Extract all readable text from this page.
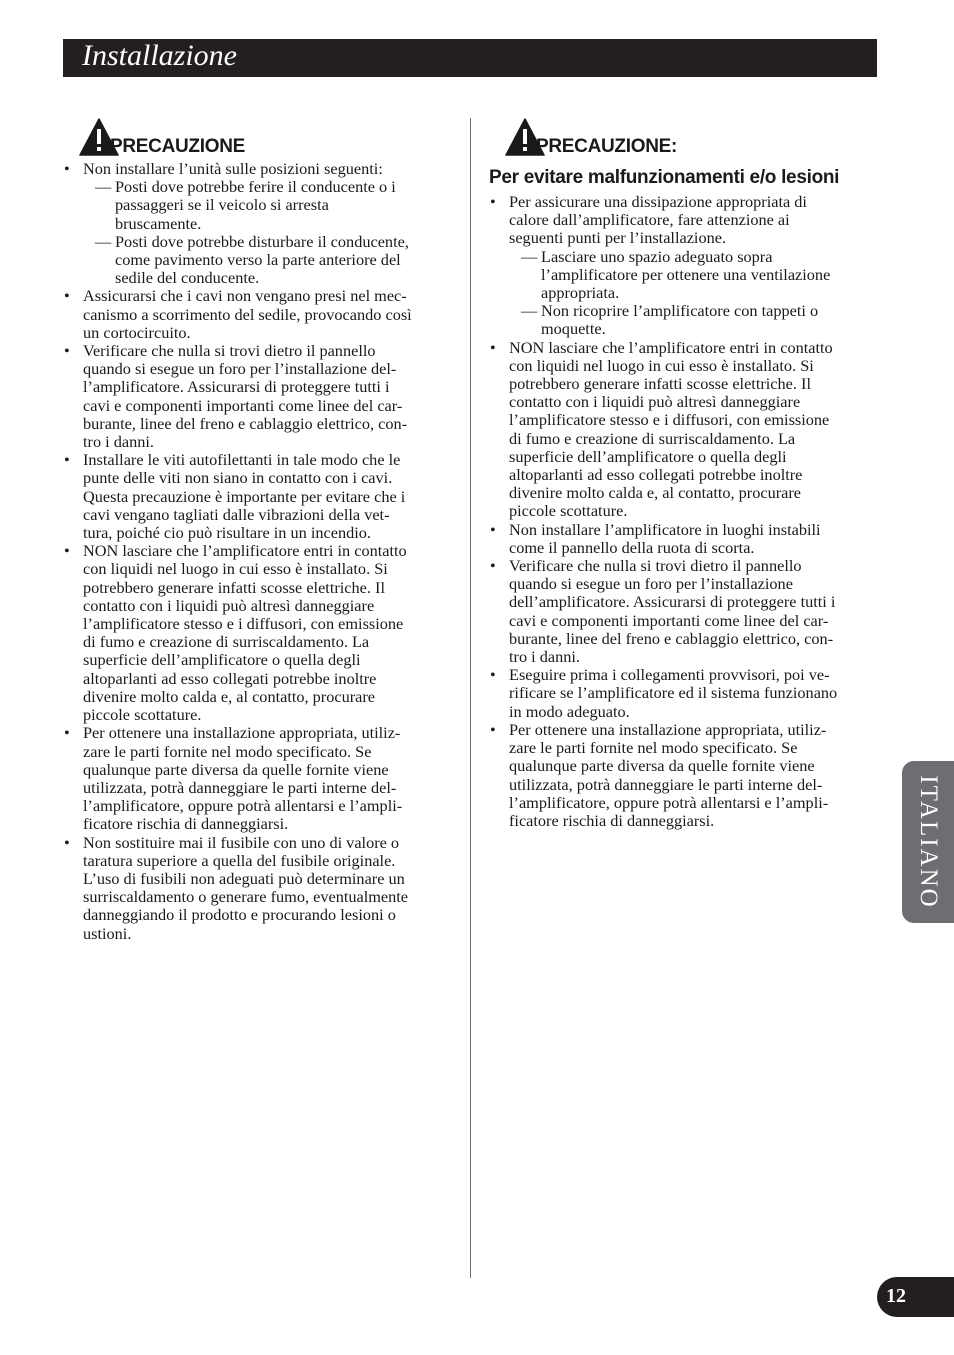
Installazione
PRECAUZIONE
• Non installare l’unità sulle posizioni seguenti:
— Posti dove potrebbe ferire il conducente o i
passaggeri se il veicolo si arresta
bruscamente.
— Posti dove potrebbe disturbare il conducente,
come pavimento verso la parte anteriore del
sedile del conducente.
• Assicurarsi che i cavi non vengano presi nel mec-
canismo a scorrimento del sedile, provocando così
un cortocircuito.
• Verificare che nulla si trovi dietro il pannello
quando si esegue un foro per l’installazione del-
l’amplificatore. Assicurarsi di proteggere tutti i
cavi e componenti importanti come linee del car-
burante, linee del freno e cablaggio elettrico, con-
tro i danni.
• Installare le viti autofilettanti in tale modo che le
punte delle viti non siano in contatto con i cavi.
Questa precauzione è importante per evitare che i
cavi vengano tagliati dalle vibrazioni della vet-
tura, poiché cio può risultare in un incendio.
• NON lasciare che l’amplificatore entri in contatto
con liquidi nel luogo in cui esso è installato. Si
potrebbero generare infatti scosse elettriche. Il
contatto con i liquidi può altresì danneggiare
l’amplificatore stesso e i diffusori, con emissione
di fumo e creazione di surriscaldamento. La
superficie dell’amplificatore o quella degli
altoparlanti ad esso collegati potrebbe inoltre
divenire molto calda e, al contatto, procurare
piccole scottature.
• Per ottenere una installazione appropriata, utiliz-
zare le parti fornite nel modo specificato. Se
qualunque parte diversa da quelle fornite viene
utilizzata, potrà danneggiare le parti interne del-
l’amplificatore, oppure potrà allentarsi e l’ampli-
ficatore rischia di danneggiarsi.
• Non sostituire mai il fusibile con uno di valore o
taratura superiore a quella del fusibile originale.
L’uso di fusibili non adeguati può determinare un
surriscaldamento o generare fumo, eventualmente
danneggiando il prodotto e procurando lesioni o
ustioni.
PRECAUZIONE:
Per evitare malfunzionamenti e/o lesioni
• Per assicurare una dissipazione appropriata di
calore dall’amplificatore, fare attenzione ai
seguenti punti per l’installazione.
— Lasciare uno spazio adeguato sopra
l’amplificatore per ottenere una ventilazione
appropriata.
— Non ricoprire l’amplificatore con tappeti o
moquette.
• NON lasciare che l’amplificatore entri in contatto
con liquidi nel luogo in cui esso è installato. Si
potrebbero generare infatti scosse elettriche. Il
contatto con i liquidi può altresì danneggiare
l’amplificatore stesso e i diffusori, con emissione
di fumo e creazione di surriscaldamento. La
superficie dell’amplificatore o quella degli
altoparlanti ad esso collegati potrebbe inoltre
divenire molto calda e, al contatto, procurare
piccole scottature.
• Non installare l’amplificatore in luoghi instabili
come il pannello della ruota di scorta.
• Verificare che nulla si trovi dietro il pannello
quando si esegue un foro per l’installazione
dell’amplificatore. Assicurarsi di proteggere tutti i
cavi e componenti importanti come linee del car-
burante, linee del freno e cablaggio elettrico, con-
tro i danni.
• Eseguire prima i collegamenti provvisori, poi ve-
rificare se l’amplificatore ed il sistema funzionano
in modo adeguato.
• Per ottenere una installazione appropriata, utiliz-
zare le parti fornite nel modo specificato. Se
qualunque parte diversa da quelle fornite viene
utilizzata, potrà danneggiare le parti interne del-
l’amplificatore, oppure potrà allentarsi e l’ampli-
ficatore rischia di danneggiarsi.	ITALIANO
12
